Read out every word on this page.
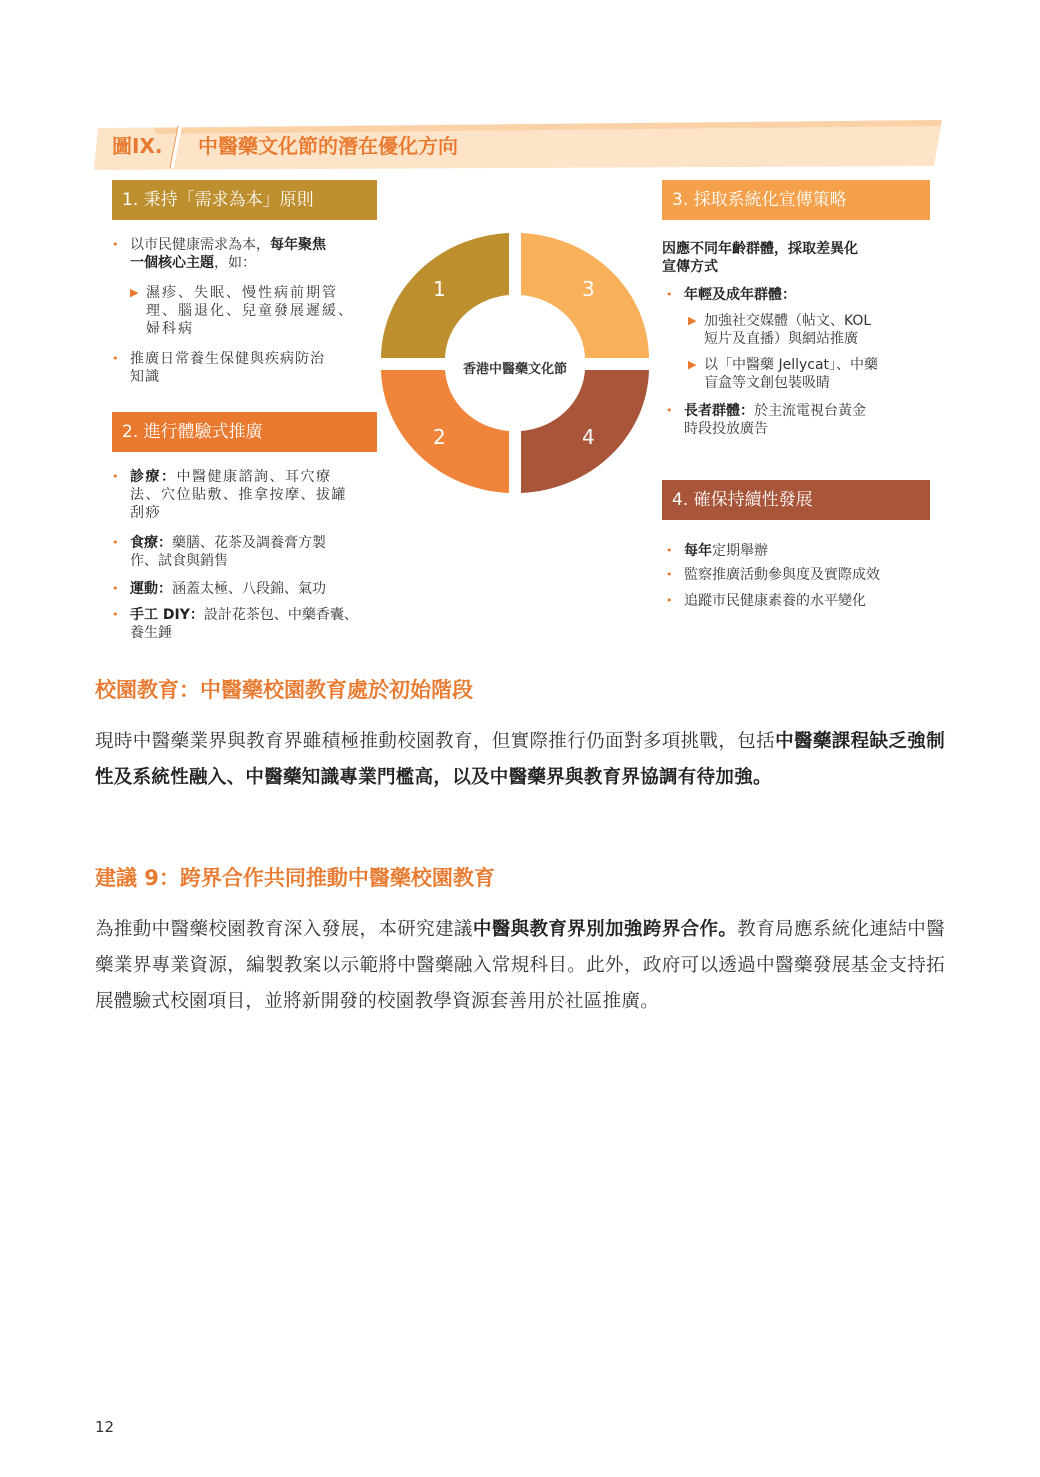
圖IX. 中醫藥文化節的潛在優化方向
1. 秉持「需求為本」原則
• 以市民健康需求為本，每年聚焦
一個核心主題，如：
▶ 濕疹、失眠、慢性病前期管
理、腦退化、兒童發展遲緩、
婦科病
• 推廣日常養生保健與疾病防治
知識
2. 進行體驗式推廣
• 診療：中醫健康諮詢、耳穴療
法、穴位貼敷、推拿按摩、拔罐
刮痧
• 食療：藥膳、花茶及調養膏方製
作、試食與銷售
• 運動：涵蓋太極、八段錦、氣功
• 手工 DIY：設計花茶包、中藥香囊、
養生錘
1	3
2	4
香港中醫藥文化節
3. 採取系統化宣傳策略
因應不同年齡群體，採取差異化
宣傳方式
• 年輕及成年群體：
▶ 加強社交媒體（帖文、KOL
短片及直播）與網站推廣
▶ 以「中醫藥 Jellycat」、中藥
盲盒等文創包裝吸睛
• 長者群體：於主流電視台黃金
時段投放廣告
4. 確保持續性發展
• 每年定期舉辦
• 監察推廣活動參與度及實際成效
• 追蹤市民健康素養的水平變化
校園教育：中醫藥校園教育處於初始階段
現時中醫藥業界與教育界雖積極推動校園教育，但實際推行仍面對多項挑戰，包括中醫藥課程缺乏強制性及系統性融入、中醫藥知識專業門檻高，以及中醫藥界與教育界協調有待加強。
建議 9：跨界合作共同推動中醫藥校園教育
為推動中醫藥校園教育深入發展，本研究建議中醫與教育界別加強跨界合作。教育局應系統化連結中醫藥業界專業資源，編製教案以示範將中醫藥融入常規科目。此外，政府可以透過中醫藥發展基金支持拓展體驗式校園項目，並將新開發的校園教學資源套善用於社區推廣。
12
